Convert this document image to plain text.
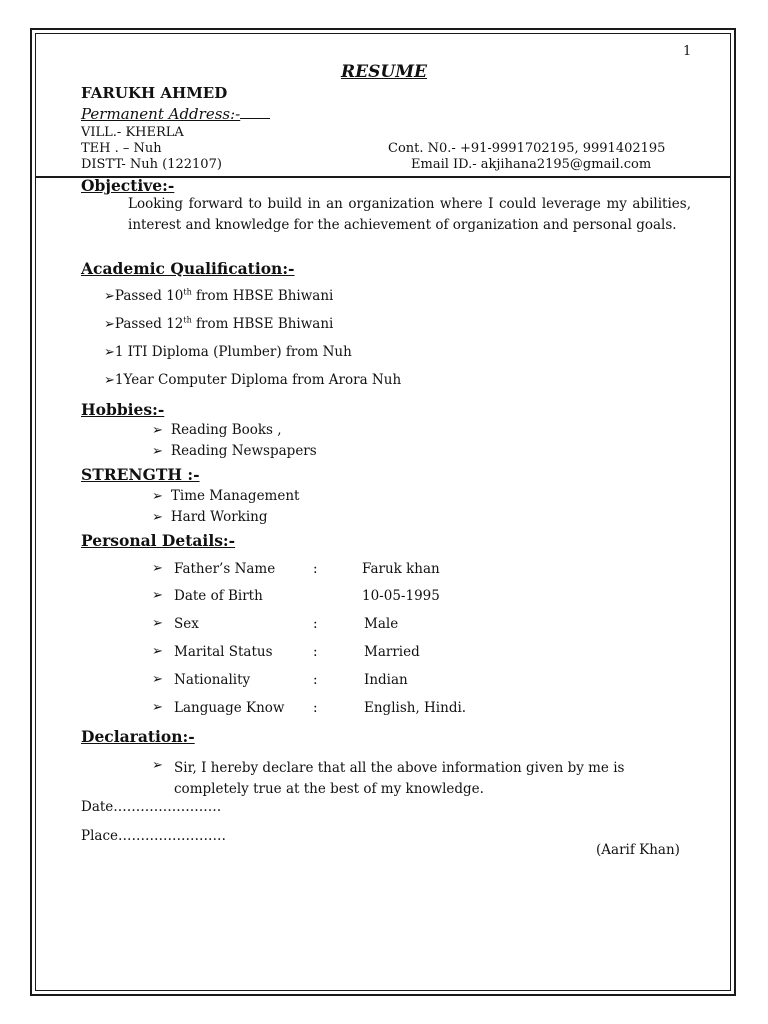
1
RESUME
FARUKH AHMED
Permanent Address:-
VILL.- KHERLA
TEH . – Nuh
DISTT- Nuh (122107)
Cont. N0.- +91-9991702195, 9991402195
Email ID.- akjihana2195@gmail.com
Objective:-
Looking forward to build in an organization where I could leverage my abilities, interest and knowledge for the achievement of organization and personal goals.
Academic Qualification:-
➢Passed 10th from HBSE Bhiwani
➢Passed 12th from HBSE Bhiwani
➢1 ITI Diploma (Plumber) from Nuh
➢1Year Computer Diploma from Arora Nuh
Hobbies:-
➢ Reading Books ,
➢ Reading Newspapers
STRENGTH :-
➢ Time Management
➢ Hard Working
Personal Details:-
➢ Father’s Name	:	Faruk khan
➢ Date of Birth	10-05-1995
➢ Sex	:	Male
➢ Marital Status	:	Married
➢ Nationality	:	Indian
➢ Language Know :	English, Hindi.
Declaration:-
➢ Sir, I hereby declare that all the above information given by me is completely true at the best of my knowledge.
Date……………………
Place……………………
(Aarif Khan)
